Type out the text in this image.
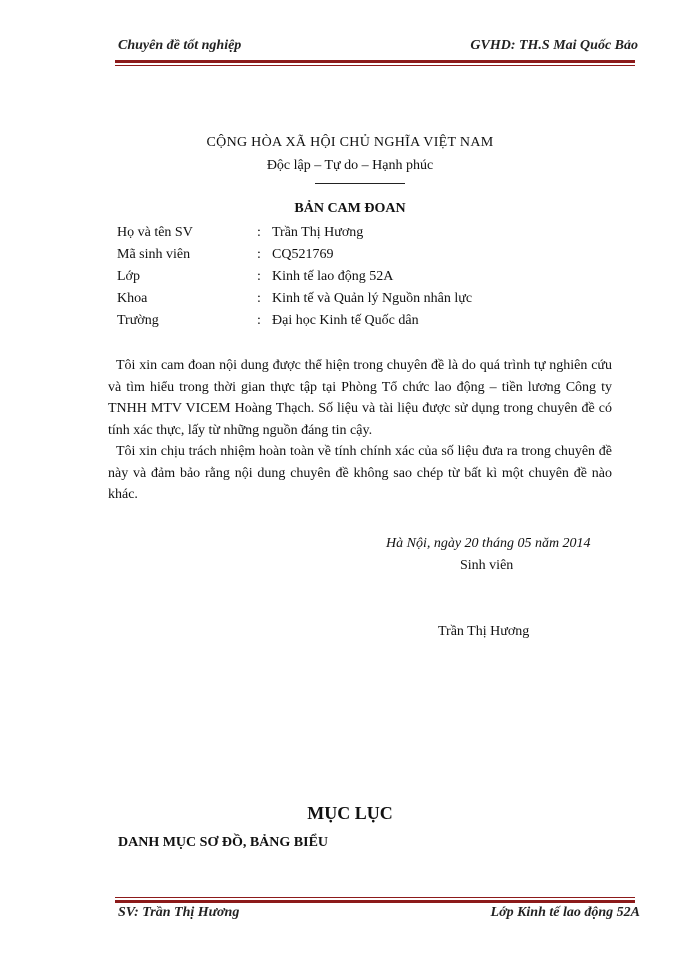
Chuyên đề tốt nghiệp	GVHD: TH.S Mai Quốc Bảo
CỘNG HÒA XÃ HỘI CHỦ NGHĨA VIỆT NAM
Độc lập – Tự do – Hạnh phúc
BẢN CAM ĐOAN
Họ và tên SV	: Trần Thị Hương
Mã sinh viên	: CQ521769
Lớp	: Kinh tế lao động 52A
Khoa	: Kinh tế và Quản lý Nguồn nhân lực
Trường	: Đại học Kinh tế Quốc dân
Tôi xin cam đoan nội dung được thể hiện trong chuyên đề là do quá trình tự nghiên cứu và tìm hiểu trong thời gian thực tập tại Phòng Tổ chức lao động – tiền lương Công ty TNHH MTV VICEM Hoàng Thạch. Số liệu và tài liệu được sử dụng trong chuyên đề có tính xác thực, lấy từ những nguồn đáng tin cậy.
Tôi xin chịu trách nhiệm hoàn toàn về tính chính xác của số liệu đưa ra trong chuyên đề này và đảm bảo rằng nội dung chuyên đề không sao chép từ bất kì một chuyên đề nào khác.
Hà Nội, ngày 20 tháng 05 năm 2014
Sinh viên
Trần Thị Hương
MỤC LỤC
DANH MỤC SƠ ĐỒ, BẢNG BIỂU
SV: Trần Thị Hương	Lớp Kinh tế lao động 52A
